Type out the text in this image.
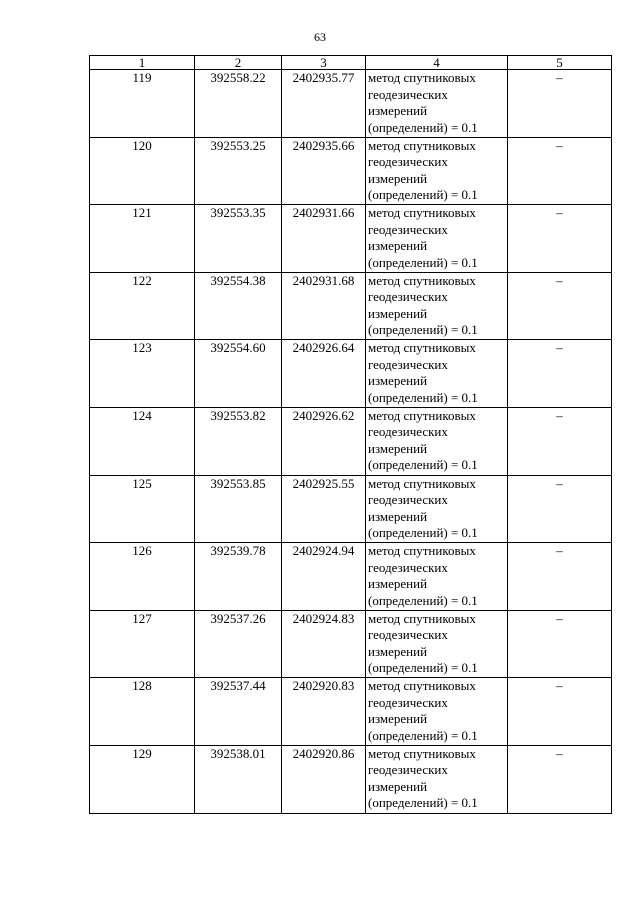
63
1	2	3	4	5
119	392558.22	2402935.77	метод спутниковых
геодезических
измерений
(определений) = 0.1	–
120	392553.25	2402935.66	метод спутниковых
геодезических
измерений
(определений) = 0.1	–
121	392553.35	2402931.66	метод спутниковых
геодезических
измерений
(определений) = 0.1	–
122	392554.38	2402931.68	метод спутниковых
геодезических
измерений
(определений) = 0.1	–
123	392554.60	2402926.64	метод спутниковых
геодезических
измерений
(определений) = 0.1	–
124	392553.82	2402926.62	метод спутниковых
геодезических
измерений
(определений) = 0.1	–
125	392553.85	2402925.55	метод спутниковых
геодезических
измерений
(определений) = 0.1	–
126	392539.78	2402924.94	метод спутниковых
геодезических
измерений
(определений) = 0.1	–
127	392537.26	2402924.83	метод спутниковых
геодезических
измерений
(определений) = 0.1	–
128	392537.44	2402920.83	метод спутниковых
геодезических
измерений
(определений) = 0.1	–
129	392538.01	2402920.86	метод спутниковых
геодезических
измерений
(определений) = 0.1	–
